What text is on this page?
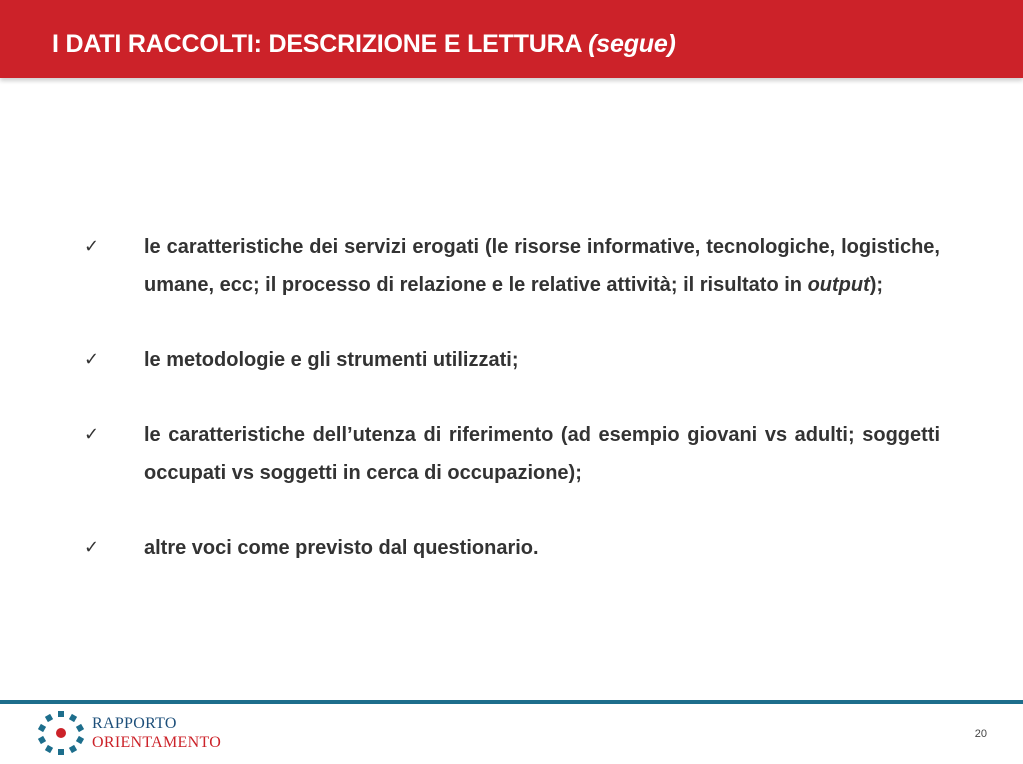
I DATI RACCOLTI: DESCRIZIONE E LETTURA (segue)
✓ le caratteristiche dei servizi erogati (le risorse informative, tecnologiche, logistiche, umane, ecc; il processo di relazione e le relative attività; il risultato in output);
✓ le metodologie e gli strumenti utilizzati;
✓ le caratteristiche dell’utenza di riferimento (ad esempio giovani vs adulti; soggetti occupati vs soggetti in cerca di occupazione);
✓ altre voci come previsto dal questionario.
RAPPORTO
ORIENTAMENTO	20
